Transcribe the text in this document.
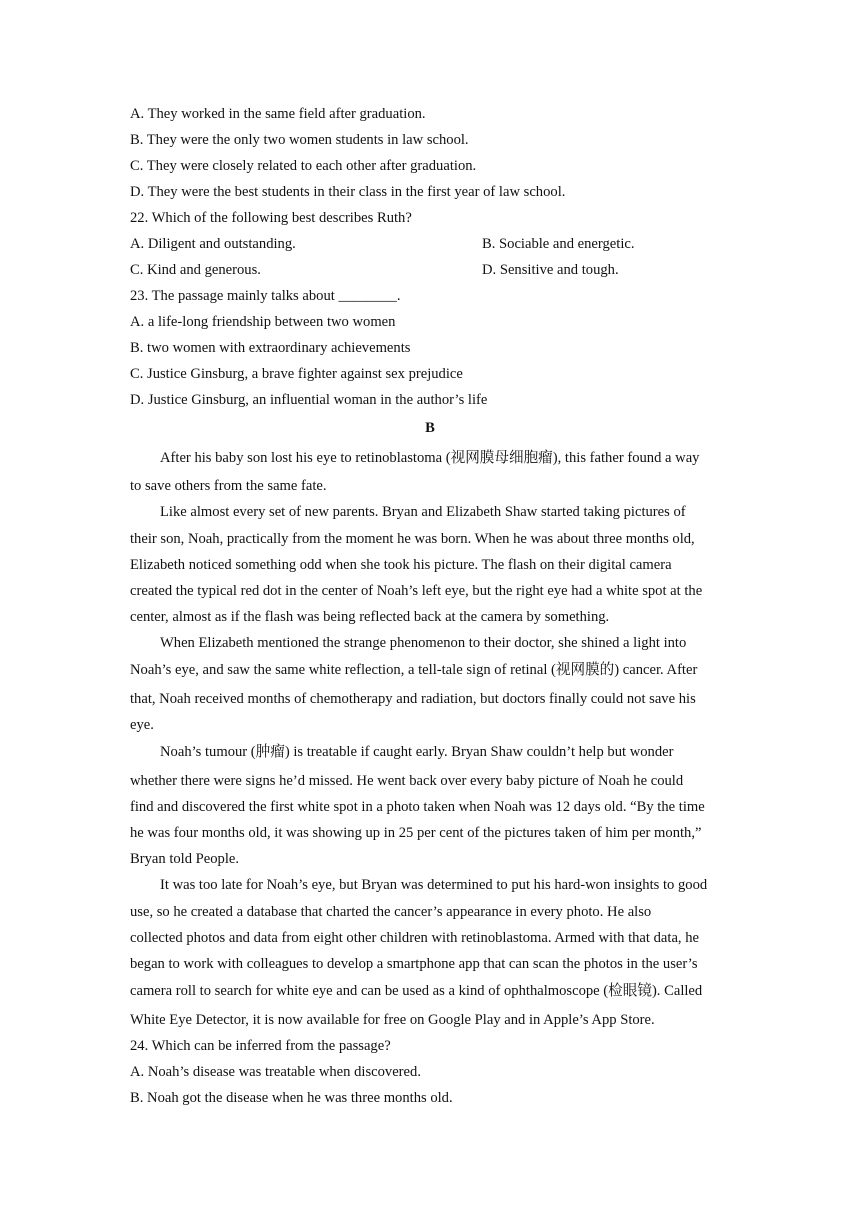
A. They worked in the same field after graduation.
B. They were the only two women students in law school.
C. They were closely related to each other after graduation.
D. They were the best students in their class in the first year of law school.
22. Which of the following best describes Ruth?
A. Diligent and outstanding.	B. Sociable and energetic.
C. Kind and generous.	D. Sensitive and tough.
23. The passage mainly talks about ________.
A. a life-long friendship between two women
B. two women with extraordinary achievements
C. Justice Ginsburg, a brave fighter against sex prejudice
D. Justice Ginsburg, an influential woman in the author’s life
B
After his baby son lost his eye to retinoblastoma (视网膜母细胞瘤), this father found a way
to save others from the same fate.
Like almost every set of new parents. Bryan and Elizabeth Shaw started taking pictures of
their son, Noah, practically from the moment he was born. When he was about three months old,
Elizabeth noticed something odd when she took his picture. The flash on their digital camera
created the typical red dot in the center of Noah’s left eye, but the right eye had a white spot at the
center, almost as if the flash was being reflected back at the camera by something.
When Elizabeth mentioned the strange phenomenon to their doctor, she shined a light into
Noah’s eye, and saw the same white reflection, a tell-tale sign of retinal (视网膜的) cancer. After
that, Noah received months of chemotherapy and radiation, but doctors finally could not save his
eye.
Noah’s tumour (肿瘤) is treatable if caught early. Bryan Shaw couldn’t help but wonder
whether there were signs he’d missed. He went back over every baby picture of Noah he could
find and discovered the first white spot in a photo taken when Noah was 12 days old. “By the time
he was four months old, it was showing up in 25 per cent of the pictures taken of him per month,”
Bryan told People.
It was too late for Noah’s eye, but Bryan was determined to put his hard-won insights to good
use, so he created a database that charted the cancer’s appearance in every photo. He also
collected photos and data from eight other children with retinoblastoma. Armed with that data, he
began to work with colleagues to develop a smartphone app that can scan the photos in the user’s
camera roll to search for white eye and can be used as a kind of ophthalmoscope (检眼镜). Called
White Eye Detector, it is now available for free on Google Play and in Apple’s App Store.
24. Which can be inferred from the passage?
A. Noah’s disease was treatable when discovered.
B. Noah got the disease when he was three months old.
